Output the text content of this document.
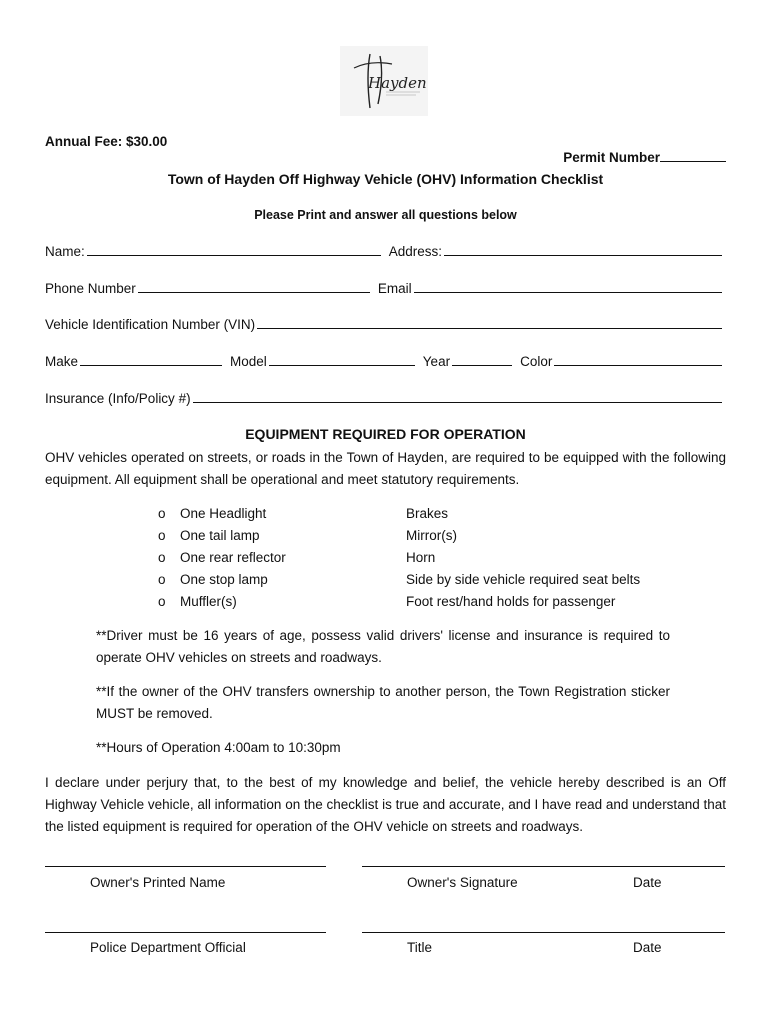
Hayden
Annual Fee: $30.00
Permit Number
Town of Hayden Off Highway Vehicle (OHV) Information Checklist
Please Print and answer all questions below
Name:	Address:
Phone Number	Email
Vehicle Identification Number (VIN)
Make	Model	Year	Color
Insurance (Info/Policy #)
EQUIPMENT REQUIRED FOR OPERATION
OHV vehicles operated on streets, or roads in the Town of Hayden, are required to be equipped with the following equipment. All equipment shall be operational and meet statutory requirements.
o	One Headlight	Brakes
o	One tail lamp	Mirror(s)
o	One rear reflector	Horn
o	One stop lamp	Side by side vehicle required seat belts
o	Muffler(s)	Foot rest/hand holds for passenger
**Driver must be 16 years of age, possess valid drivers' license and insurance is required to operate OHV vehicles on streets and roadways.
**If the owner of the OHV transfers ownership to another person, the Town Registration sticker MUST be removed.
**Hours of Operation 4:00am to 10:30pm
I declare under perjury that, to the best of my knowledge and belief, the vehicle hereby described is an Off Highway Vehicle vehicle, all information on the checklist is true and accurate, and I have read and understand that the listed equipment is required for operation of the OHV vehicle on streets and roadways.
Owner's Printed Name	Owner's Signature	Date
Police Department Official	Title	Date
